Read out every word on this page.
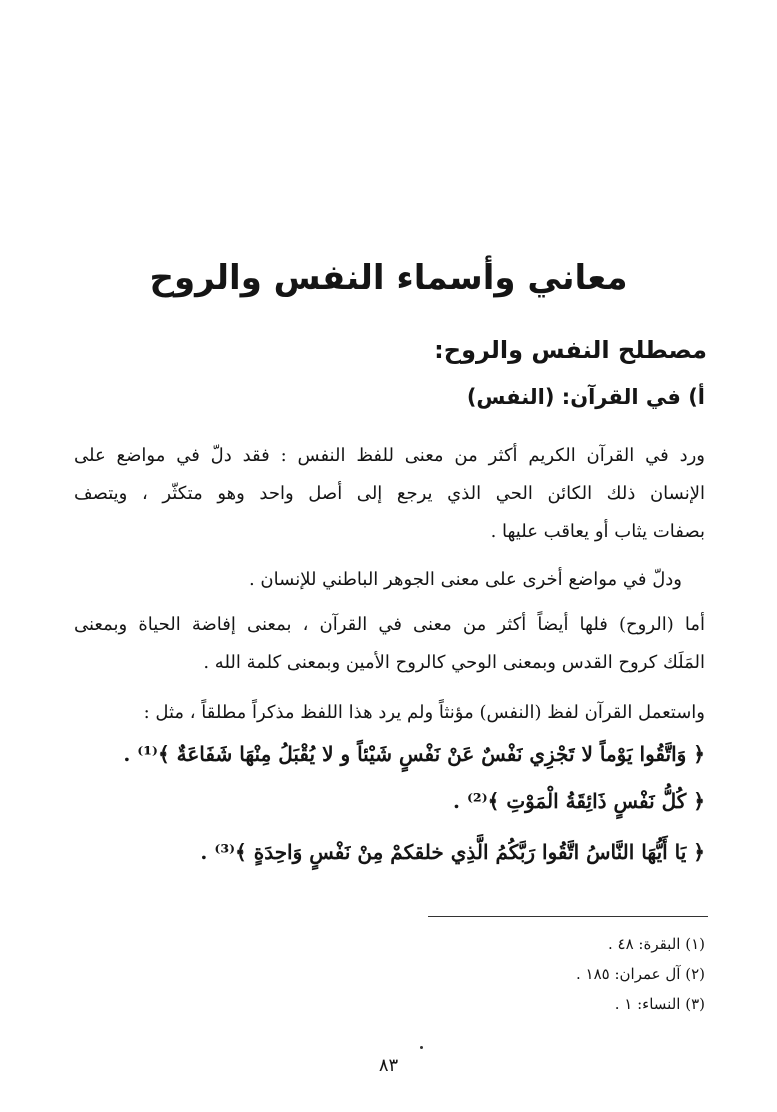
معاني وأسماء النفس والروح
مصطلح النفس والروح:
أ) في القرآن: (النفس)
ورد في القرآن الكريم أكثر من معنى للفظ النفس : فقد دلّ في مواضع على
الإنسان ذلك الكائن الحي الذي يرجع إلى أصل واحد وهو متكثّر ، ويتصف
بصفات يثاب أو يعاقب عليها .
ودلّ في مواضع أخرى على معنى الجوهر الباطني للإنسان .
أما (الروح) فلها أيضاً أكثر من معنى في القرآن ، بمعنى إفاضة الحياة وبمعنى
المَلَك كروح القدس وبمعنى الوحي كالروح الأمين وبمعنى كلمة الله .
واستعمل القرآن لفظ (النفس) مؤنثاً ولم يرد هذا اللفظ مذكراً مطلقاً ، مثل :
﴿ وَاتَّقُوا يَوْماً لا تَجْزِي نَفْسٌ عَنْ نَفْسٍ شَيْئاً و لا يُقْبَلُ مِنْهَا شَفَاعَةٌ ﴾⁽¹⁾ .
﴿ كُلُّ نَفْسٍ ذَائِقَةُ الْمَوْتِ ﴾⁽²⁾ .
﴿ يَا أَيُّهَا النَّاسُ اتَّقُوا رَبَّكُمُ الَّذِي خلقكمْ مِنْ نَفْسٍ وَاحِدَةٍ ﴾⁽³⁾ .
(١) البقرة: ٤٨ .
(٢) آل عمران: ١٨٥ .
(٣) النساء: ١ .
٨٣
